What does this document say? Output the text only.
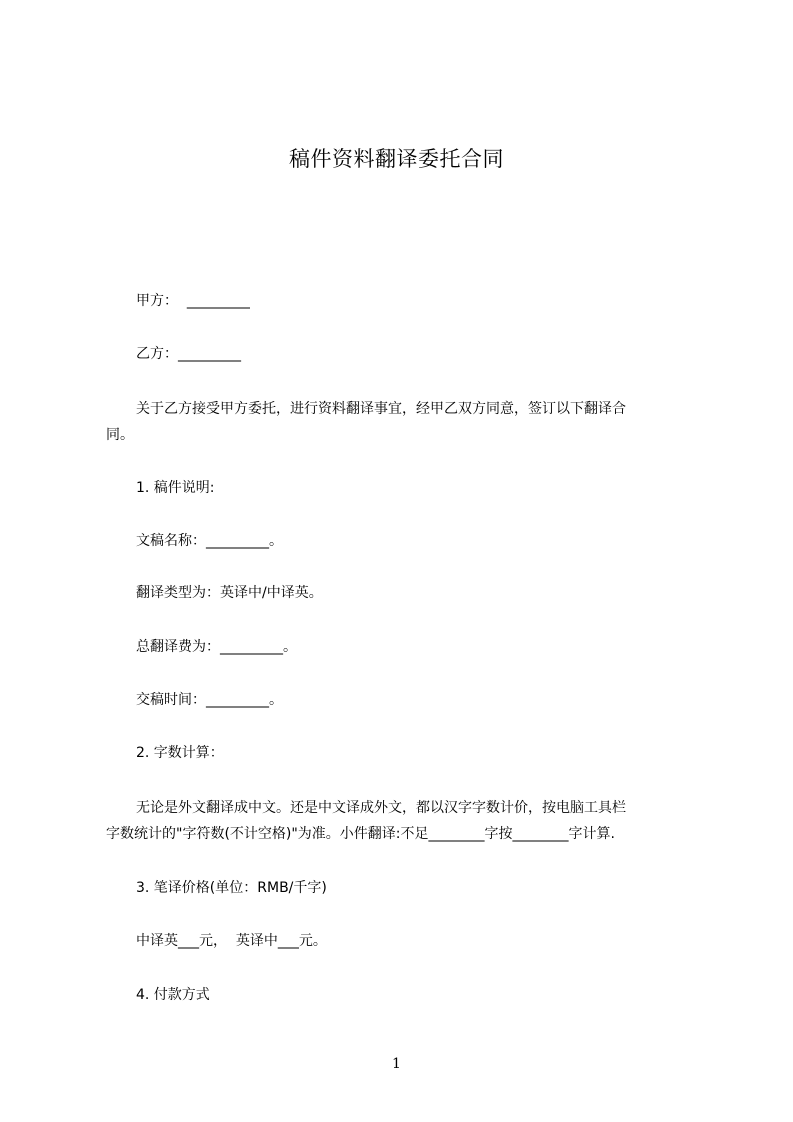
稿件资料翻译委托合同
甲方：  _________
乙方：_________
关于乙方接受甲方委托，进行资料翻译事宜，经甲乙双方同意，签订以下翻译合
同。
1. 稿件说明:
文稿名称：_________。
翻译类型为：英译中/中译英。
总翻译费为：_________。
交稿时间：_________。
2. 字数计算：
无论是外文翻译成中文。还是中文译成外文，都以汉字字数计价，按电脑工具栏
字数统计的"字符数(不计空格)"为准。小件翻译:不足________字按________字计算.
3. 笔译价格(单位：RMB/千字)
中译英___元，  英译中___元。
4. 付款方式
1
